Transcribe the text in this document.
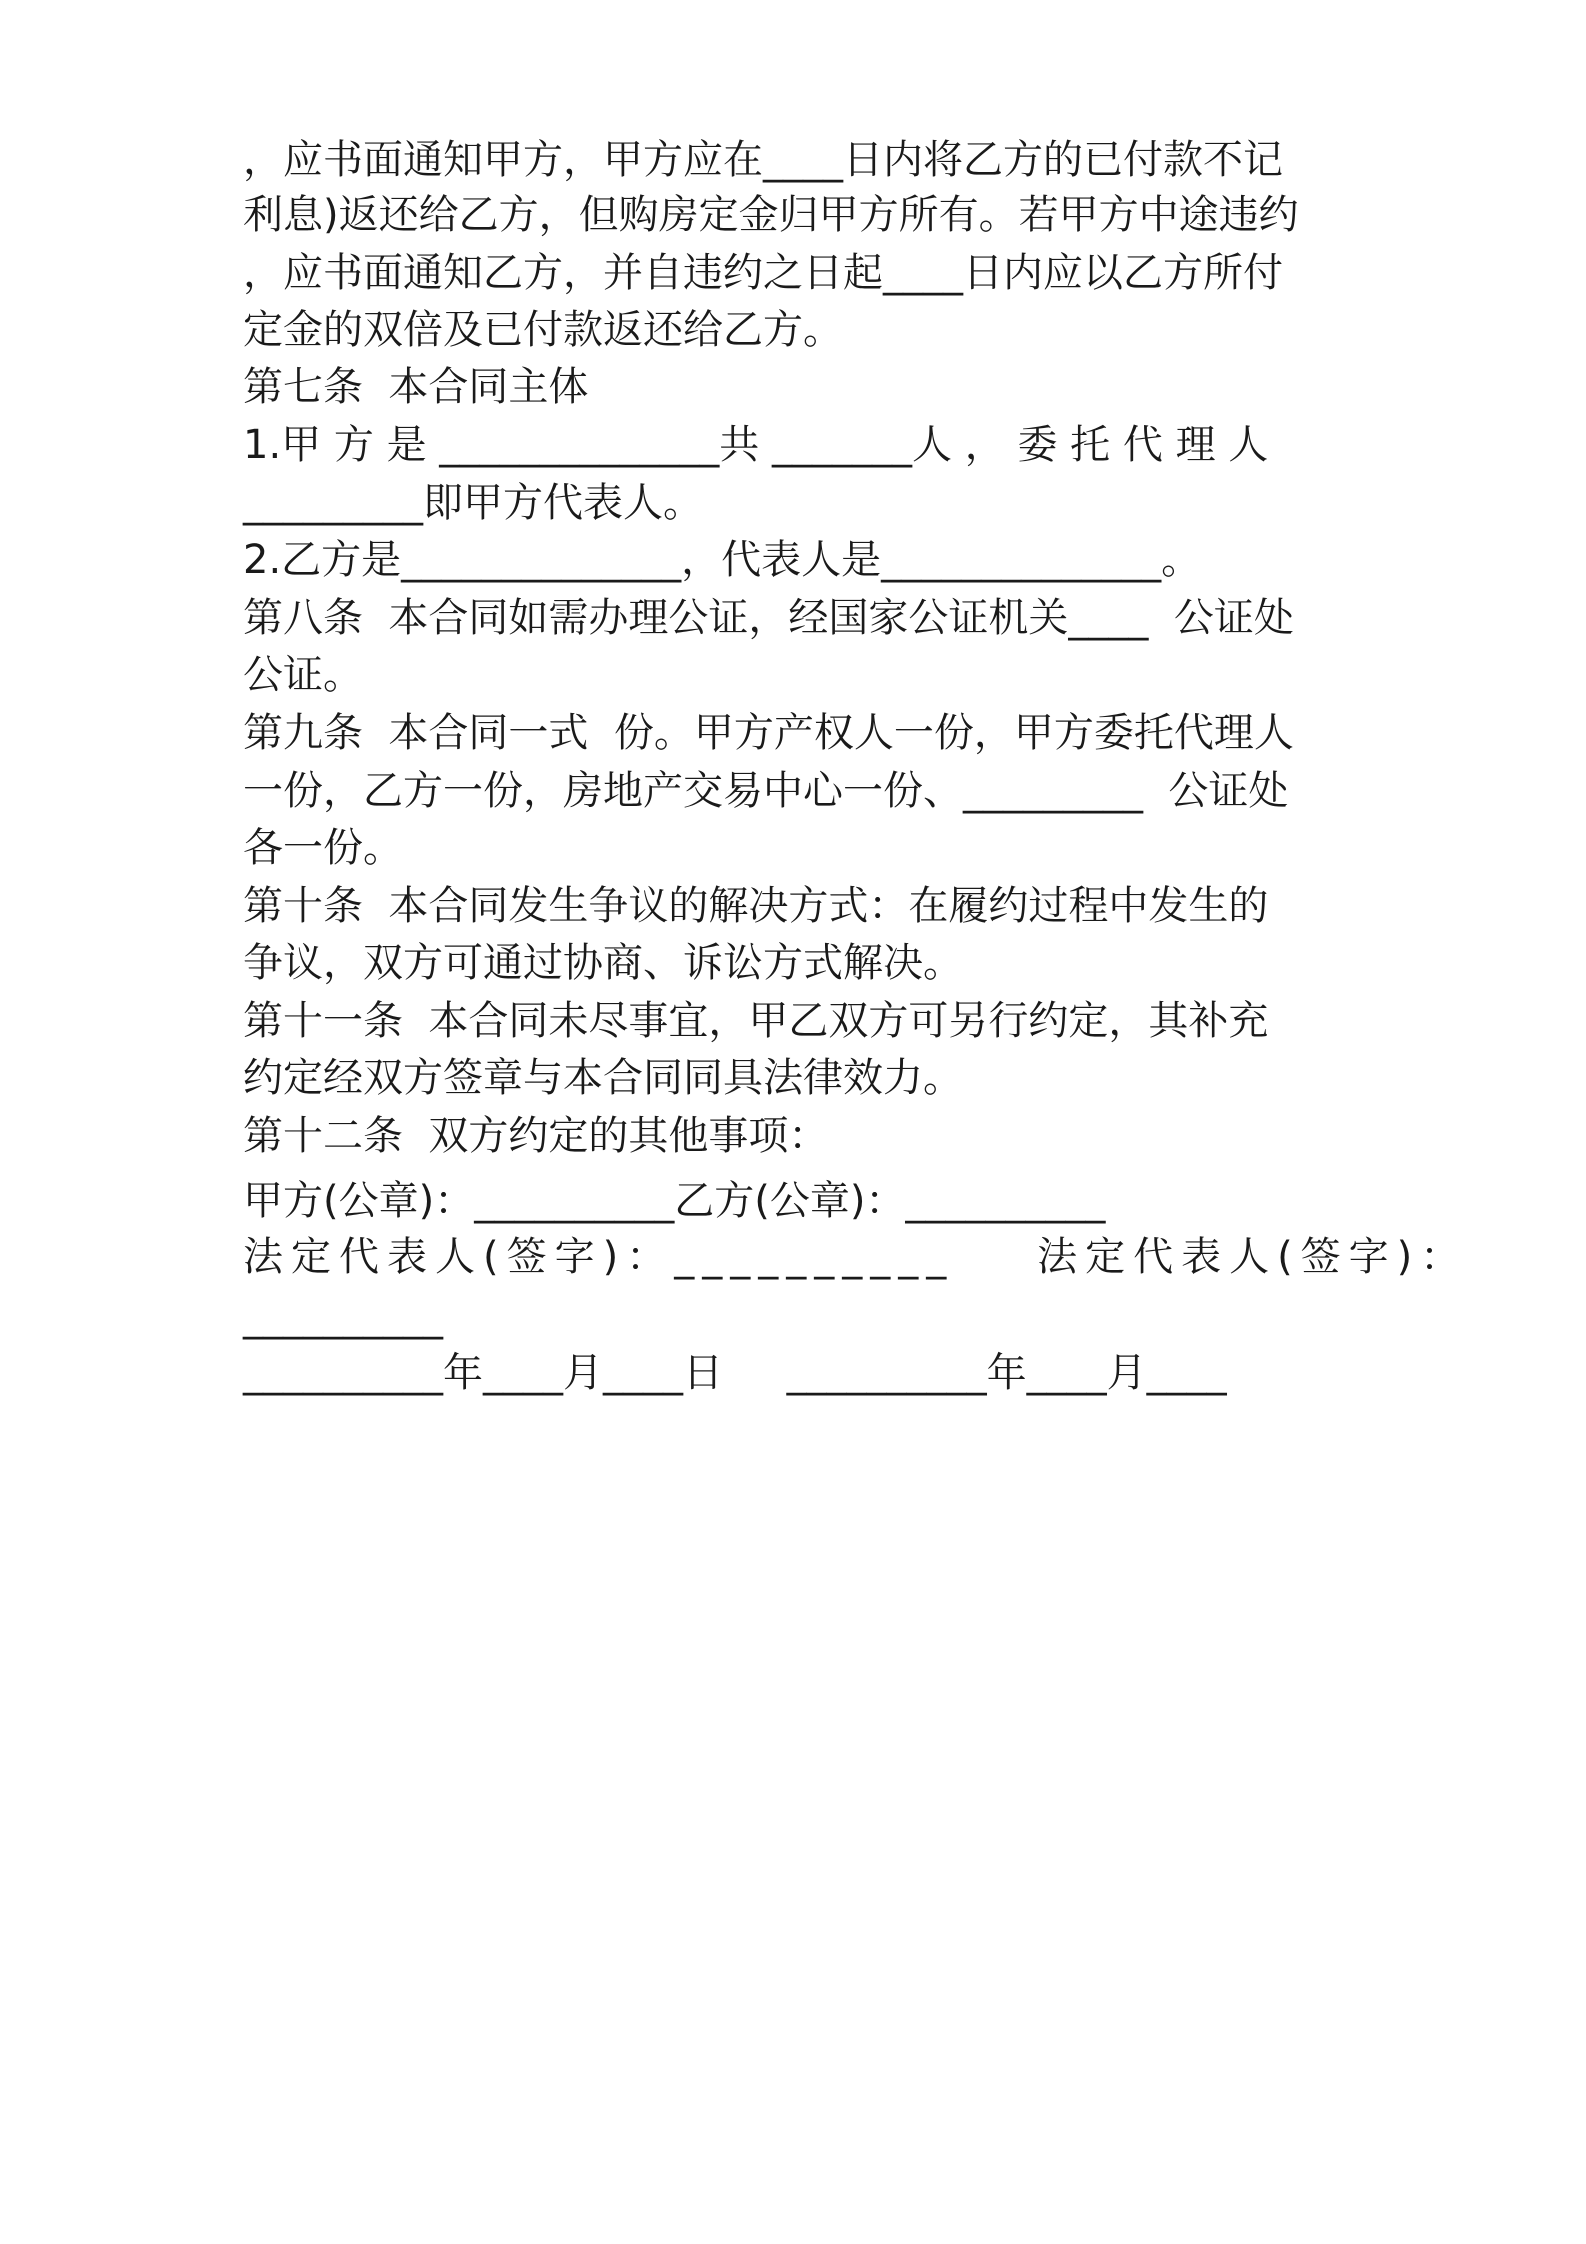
，应书面通知甲方，甲方应在____日内将乙方的已付款不记
利息)返还给乙方，但购房定金归甲方所有。若甲方中途违约
，应书面通知乙方，并自违约之日起____日内应以乙方所付
定金的双倍及已付款返还给乙方。
第七条  本合同主体
1.甲 方 是 ______________共 _______人 ， 委 托 代 理 人
_________即甲方代表人。
2.乙方是______________，代表人是______________。
第八条  本合同如需办理公证，经国家公证机关____  公证处
公证。
第九条  本合同一式  份。甲方产权人一份，甲方委托代理人
一份，乙方一份，房地产交易中心一份、_________  公证处
各一份。
第十条  本合同发生争议的解决方式：在履约过程中发生的
争议，双方可通过协商、诉讼方式解决。
第十一条  本合同未尽事宜，甲乙双方可另行约定，其补充
约定经双方签章与本合同同具法律效力。
第十二条  双方约定的其他事项：
甲方(公章)：__________乙方(公章)：__________
法定代表人(签字)：__________    法定代表人(签字)：
__________
__________年____月____日     __________年____月____
